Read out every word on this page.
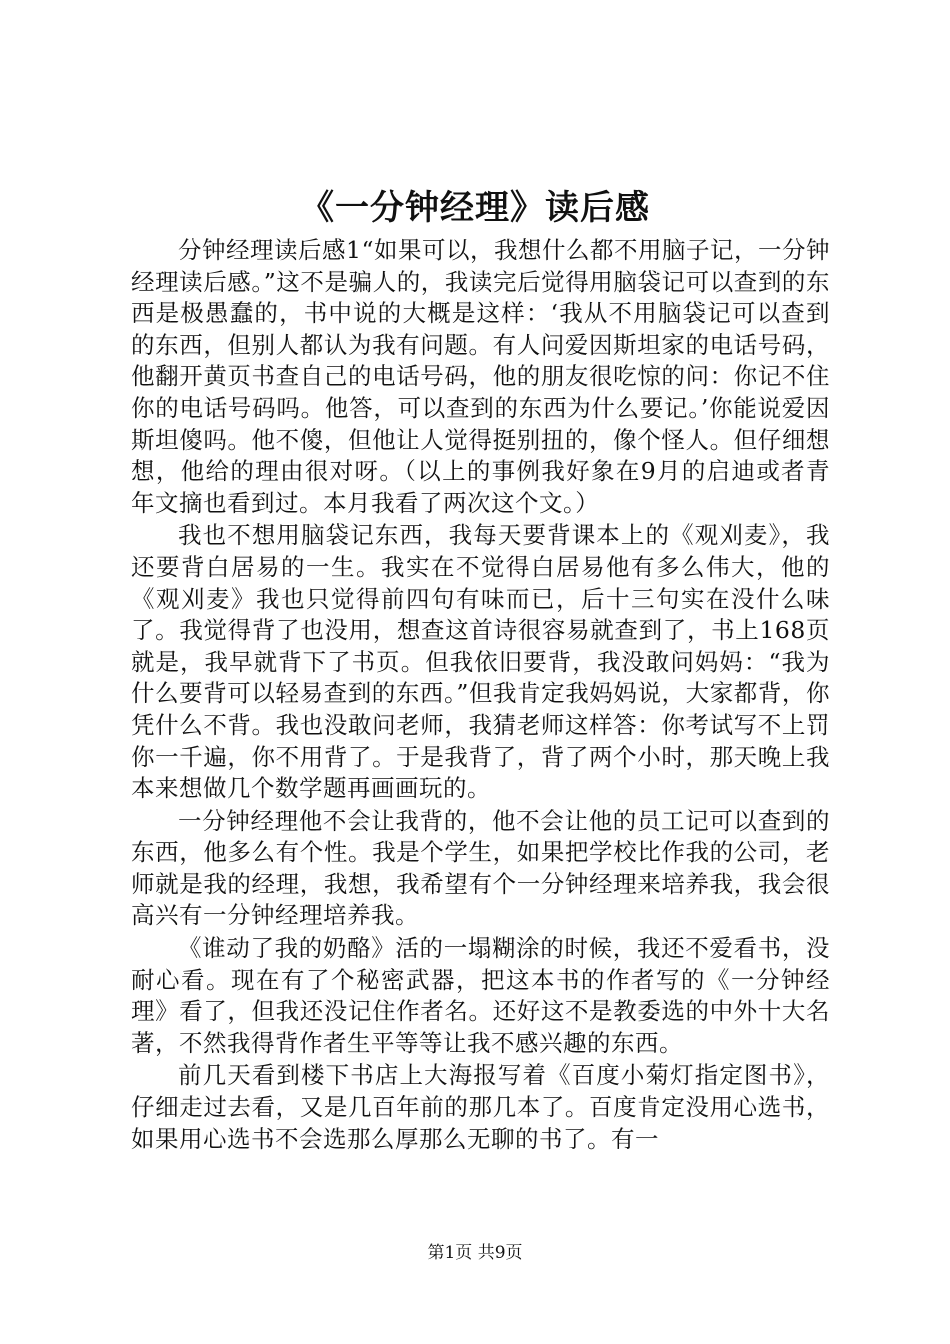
《一分钟经理》读后感

分钟经理读后感1“如果可以，我想什么都不用脑子记，一分钟经理读后感。”这不是骗人的，我读完后觉得用脑袋记可以查到的东西是极愚蠢的，书中说的大概是这样：‘我从不用脑袋记可以查到的东西，但别人都认为我有问题。有人问爱因斯坦家的电话号码，他翻开黄页书查自己的电话号码，他的朋友很吃惊的问：你记不住你的电话号码吗。他答，可以查到的东西为什么要记。’你能说爱因斯坦傻吗。他不傻，但他让人觉得挺别扭的，像个怪人。但仔细想想，他给的理由很对呀。（以上的事例我好象在9月的启迪或者青年文摘也看到过。本月我看了两次这个文。）

我也不想用脑袋记东西，我每天要背课本上的《观刈麦》，我还要背白居易的一生。我实在不觉得白居易他有多么伟大，他的《观刈麦》我也只觉得前四句有味而已，后十三句实在没什么味了。我觉得背了也没用，想查这首诗很容易就查到了，书上168页就是，我早就背下了书页。但我依旧要背，我没敢问妈妈：“我为什么要背可以轻易查到的东西。”但我肯定我妈妈说，大家都背，你凭什么不背。我也没敢问老师，我猜老师这样答：你考试写不上罚你一千遍，你不用背了。于是我背了，背了两个小时，那天晚上我本来想做几个数学题再画画玩的。

一分钟经理他不会让我背的，他不会让他的员工记可以查到的东西，他多么有个性。我是个学生，如果把学校比作我的公司，老师就是我的经理，我想，我希望有个一分钟经理来培养我，我会很高兴有一分钟经理培养我。

《谁动了我的奶酪》活的一塌糊涂的时候，我还不爱看书，没耐心看。现在有了个秘密武器，把这本书的作者写的《一分钟经理》看了，但我还没记住作者名。还好这不是教委选的中外十大名著，不然我得背作者生平等等让我不感兴趣的东西。

前几天看到楼下书店上大海报写着《百度小菊灯指定图书》，仔细走过去看，又是几百年前的那几本了。百度肯定没用心选书，如果用心选书不会选那么厚那么无聊的书了。有一

第1页 共9页
